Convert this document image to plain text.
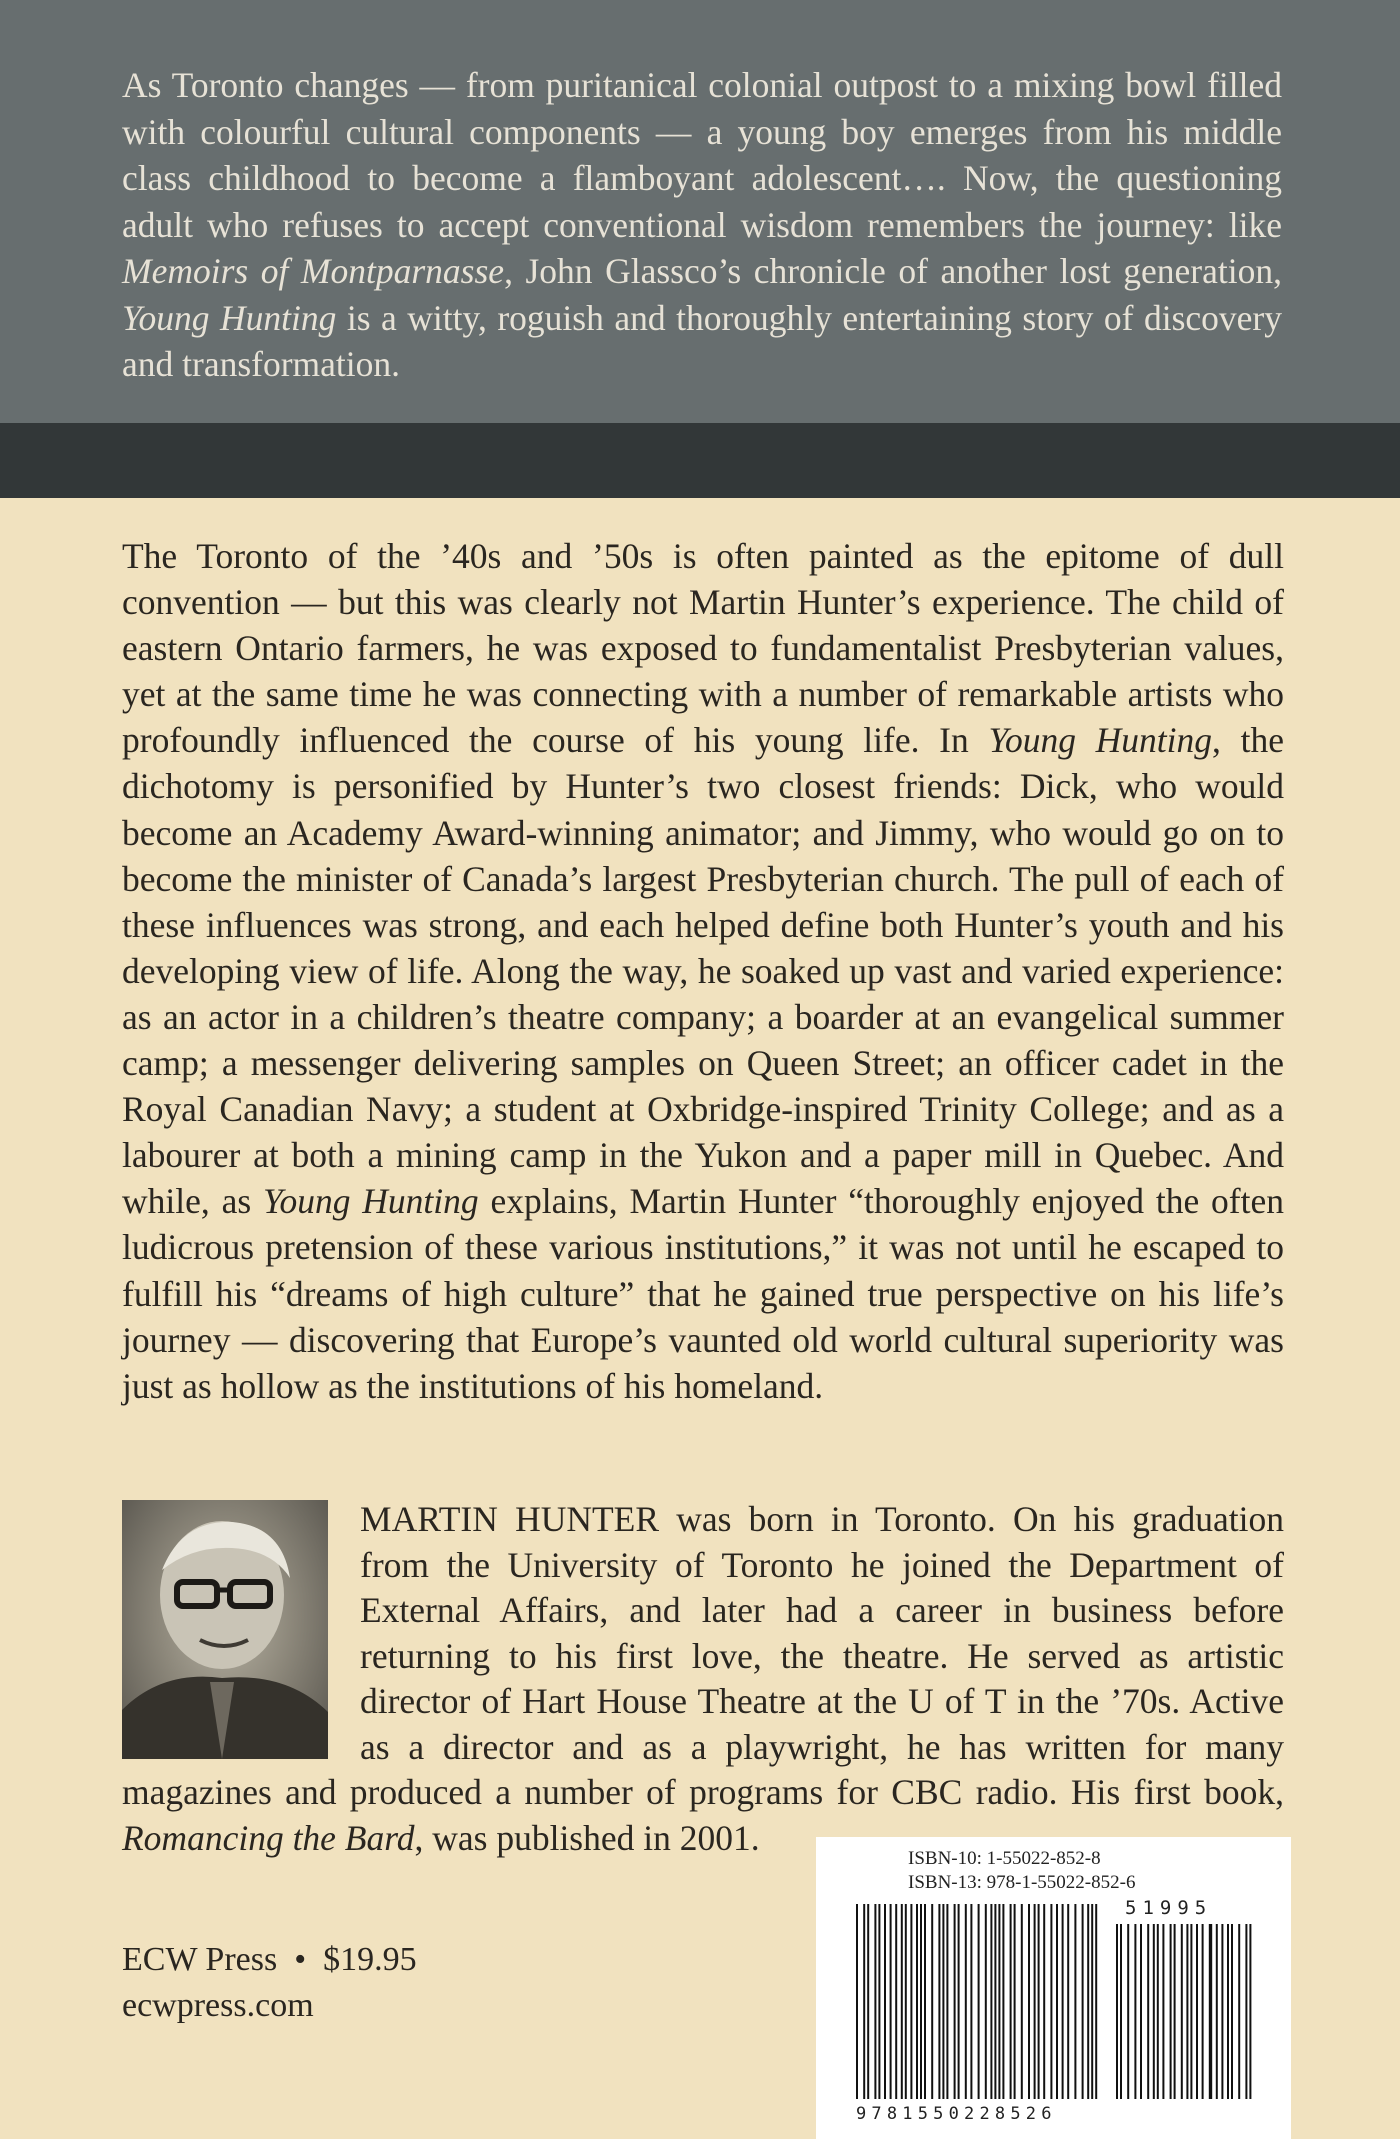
As Toronto changes — from puritanical colonial outpost to a mixing bowl filled with colourful cultural components — a young boy emerges from his middle class childhood to become a flamboyant adolescent…. Now, the questioning adult who refuses to accept conventional wisdom remembers the journey: like Memoirs of Montparnasse, John Glassco’s chronicle of another lost generation, Young Hunting is a witty, roguish and thoroughly entertaining story of discovery and transformation.

The Toronto of the ’40s and ’50s is often painted as the epitome of dull convention — but this was clearly not Martin Hunter’s experience. The child of eastern Ontario farmers, he was exposed to fundamentalist Presbyterian values, yet at the same time he was connecting with a number of remarkable artists who profoundly influenced the course of his young life. In Young Hunting, the dichotomy is personified by Hunter’s two closest friends: Dick, who would become an Academy Award-winning animator; and Jimmy, who would go on to become the minister of Canada’s largest Presbyterian church. The pull of each of these influences was strong, and each helped define both Hunter’s youth and his developing view of life. Along the way, he soaked up vast and varied experience: as an actor in a children’s theatre company; a boarder at an evangelical summer camp; a messenger delivering samples on Queen Street; an officer cadet in the Royal Canadian Navy; a student at Oxbridge-inspired Trinity College; and as a labourer at both a mining camp in the Yukon and a paper mill in Quebec. And while, as Young Hunting explains, Martin Hunter “thoroughly enjoyed the often ludicrous pretension of these various institutions,” it was not until he escaped to fulfill his “dreams of high culture” that he gained true perspective on his life’s journey — discovering that Europe’s vaunted old world cultural superiority was just as hollow as the institutions of his homeland.

MARTIN HUNTER was born in Toronto. On his graduation from the University of Toronto he joined the Department of External Affairs, and later had a career in business before returning to his first love, the theatre. He served as artistic director of Hart House Theatre at the U of T in the ’70s. Active as a director and as a playwright, he has written for many magazines and produced a number of programs for CBC radio. His first book, Romancing the Bard, was published in 2001.
ECW Press  •  $19.95
ecwpress.com

ISBN-10: 1-55022-852-8

ISBN-13: 978-1-55022-852-6

51995
9781550228526
